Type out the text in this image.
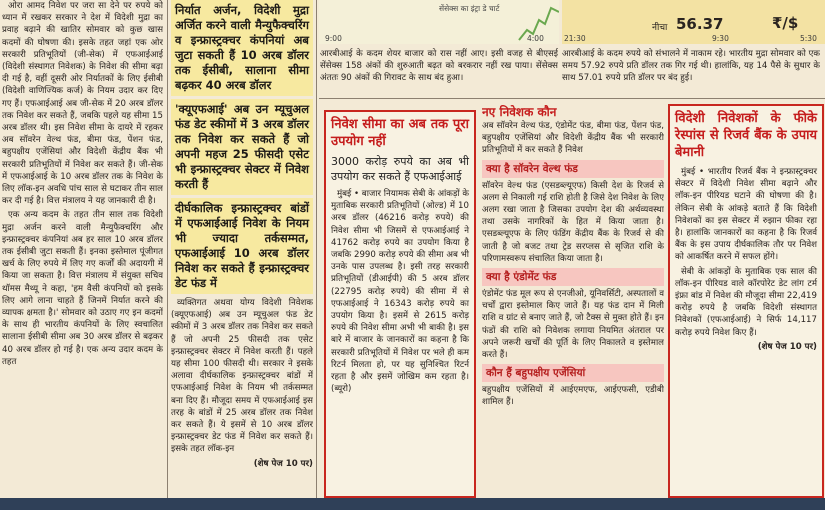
ओरा आमद निवेश पर जरा सा देने पर रुपये को ध्यान में रखकर सरकार ने देश में विदेशी मुद्रा का प्रवाह बढ़ाने की खातिर सोमवार को कुछ खास कदमों की घोषणा की। इसके तहत जहां एक ओर सरकारी प्रतिभूतियों (जी-सेक) में एफआईआई (विदेशी संस्थागत निवेशक) के निवेश की सीमा बढ़ा दी गई है, वहीं दूसरी ओर निर्यातकों के लिए ईसीबी (विदेशी वाणिज्यिक कर्ज) के नियम उदार कर दिए गए हैं। एफआईआई अब जी-सेक में 20 अरब डॉलर तक निवेश कर सकते हैं, जबकि पहले यह सीमा 15 अरब डॉलर थी। इस निवेश सीमा के दायरे में रहकर अब सॉवरेन वेल्थ फंड, बीमा फंड, पेंशन फंड, बहुपक्षीय एजेंसियां और विदेशी केंद्रीय बैंक भी सरकारी प्रतिभूतियों में निवेश कर सकते हैं। जी-सेक में एफआईआई के 10 अरब डॉलर तक के निवेश के लिए लॉक-इन अवधि पांच साल से घटाकर तीन साल कर दी गई है। वित्त मंत्रालय ने यह जानकारी दी है।

एक अन्य कदम के तहत तीन साल तक विदेशी मुद्रा अर्जन करने वाली मैन्युफैक्चरिंग और इन्फ्रास्ट्रक्चर कंपनियां अब हर साल 10 अरब डॉलर तक ईसीबी जुटा सकती हैं। इनका इस्तेमाल पूंजीगत खर्च के लिए रुपये में लिए गए कर्जों की अदायगी में किया जा सकता है। वित्त मंत्रालय में संयुक्त सचिव थॉमस मैथ्यू ने कहा, 'हम वैसी कंपनियों को इसके लिए आगे लाना चाहते हैं जिनमें निर्यात करने की व्यापक क्षमता है।' सोमवार को उठाए गए इन कदमों के साथ ही भारतीय कंपनियों के लिए स्वचालित सालाना ईसीबी सीमा अब 30 अरब डॉलर से बढ़कर 40 अरब डॉलर हो गई है। एक अन्य उदार कदम के तहत

निर्यात अर्जन, विदेशी मुद्रा अर्जित करने वाली मैन्युफैक्चरिंग व इन्फ्रास्ट्रक्चर कंपनियां अब जुटा सकती हैं 10 अरब डॉलर तक ईसीबी, सालाना सीमा बढ़कर 40 अरब डॉलर
'क्यूएफआई' अब उन म्यूचुअल फंड डेट स्कीमों में 3 अरब डॉलर तक निवेश कर सकते हैं जो अपनी महज 25 फीसदी एसेट भी इन्फ्रास्ट्रक्चर सेक्टर में निवेश करती हैं
दीर्घकालिक इन्फ्रास्ट्रक्चर बांडों में एफआईआई निवेश के नियम भी ज्यादा तर्कसम्मत, एफआईआई 10 अरब डॉलर निवेश कर सकते हैं इन्फ्रास्ट्रक्चर डेट फंड में

व्यक्तिगत अथवा योग्य विदेशी निवेशक (क्यूएफआई) अब उन म्यूचुअल फंड डेट स्कीमों में 3 अरब डॉलर तक निवेश कर सकते हैं जो अपनी 25 फीसदी तक एसेट इन्फ्रास्ट्रक्चर सेक्टर में निवेश करती हैं। पहले यह सीमा 100 फीसदी थी। सरकार ने इसके अलावा दीर्घकालिक इन्फ्रास्ट्रक्चर बांडों में एफआईआई निवेश के नियम भी तर्कसम्मत बना दिए हैं। मौजूदा समय में एफआईआई इस तरह के बांडों में 25 अरब डॉलर तक निवेश कर सकते हैं। ये इसमें से 10 अरब डॉलर इन्फ्रास्ट्रक्चर डेट फंड में निवेश कर सकते हैं। इसके तहत लॉक-इन

(शेष पेज 10 पर)
सेंसेक्स का इंट्रा डे चार्ट
9:00	4:00
नीचा 56.37	₹/$
21:30	9:30	5:30
आरबीआई के कदम शेयर बाजार को रास नहीं आए। इसी वजह से बीएसई सेंसेक्स 158 अंकों की शुरुआती बढ़त को बरकरार नहीं रख पाया। सेंसेक्स अंततः 90 अंकों की गिरावट के साथ बंद हुआ।
आरबीआई के कदम रुपये को संभालने में नाकाम रहे। भारतीय मुद्रा सोमवार को एक समय 57.92 रुपये प्रति डॉलर तक गिर गई थी। हालांकि, यह 14 पैसे के सुधार के साथ 57.01 रुपये प्रति डॉलर पर बंद हुई।
निवेश सीमा का अब तक पूरा उपयोग नहीं
3000 करोड़ रुपये का अब भी उपयोग कर सकते हैं एफआईआई

मुंबई • बाजार नियामक सेबी के आंकड़ों के मुताबिक सरकारी प्रतिभूतियों (ओल्ड) में 10 अरब डॉलर (46216 करोड़ रुपये) की निवेश सीमा भी जिसमें से एफआईआई ने 41762 करोड़ रुपये का उपयोग किया है जबकि 2990 करोड़ रुपये की सीमा अब भी उनके पास उपलब्ध है। इसी तरह सरकारी प्रतिभूतियों (डीआईपी) की 5 अरब डॉलर (22795 करोड़ रुपये) की सीमा में से एफआईआई ने 16343 करोड़ रुपये का उपयोग किया है। इसमें से 2615 करोड़ रुपये की निवेश सीमा अभी भी बाकी है। इस बारे में बाजार के जानकारों का कहना है कि सरकारी प्रतिभूतियों में निवेश पर भले ही कम रिटर्न मिलता हो, पर यह सुनिश्चित रिटर्न रहता है और इसमें जोखिम कम रहता है। (ब्यूरो)

नए निवेशक कौन

अब सॉवरेन वेल्थ फंड, एंडोमेंट फंड, बीमा फंड, पेंशन फंड, बहुपक्षीय एजेंसियां और विदेशी केंद्रीय बैंक भी सरकारी प्रतिभूतियों में कर सकते हैं निवेश

क्या है सॉवरेन वेल्थ फंड

सॉवरेन वेल्थ फंड (एसडब्ल्यूएफ) किसी देश के रिजर्व से अलग से निकाली गई राशि होती है जिसे देश निवेश के लिए अलग रखा जाता है जिसका उपयोग देश की अर्थव्यवस्था तथा उसके नागरिकों के हित में किया जाता है। एसडब्ल्यूएफ के लिए फंडिंग केंद्रीय बैंक के रिजर्व से की जाती है जो बजट तथा ट्रेड सरप्लस से सृजित राशि के परिणामस्वरूप संचालित किया जाता है।

क्या है एंडोमेंट फंड

एंडोमेंट फंड मूल रूप से एनजीओ, यूनिवर्सिटी, अस्पतालों व चर्चों द्वारा इस्तेमाल किए जाते हैं। यह फंड दान में मिली राशि व ग्रांट से बनाए जाते हैं, जो टैक्स से मुक्त होते हैं। इन फंडों की राशि को निवेशक लगाया नियमित अंतराल पर अपने जरूरी खर्चों की पूर्ति के लिए निकालते व इस्तेमाल करते हैं।

कौन हैं बहुपक्षीय एजेंसियां

बहुपक्षीय एजेंसियों में आईएमएफ, आईएफसी, एडीबी शामिल हैं।

विदेशी निवेशकों के फीके रेस्पांस से रिजर्व बैंक के उपाय बेमानी

मुंबई • भारतीय रिजर्व बैंक ने इन्फ्रास्ट्रक्चर सेक्टर में विदेशी निवेश सीमा बढ़ाने और लॉक-इन पीरियड घटाने की घोषणा की है। लेकिन सेबी के आंकड़े बताते हैं कि विदेशी निवेशकों का इस सेक्टर में रुझान फीका रहा है। हालांकि जानकारों का कहना है कि रिजर्व बैंक के इस उपाय दीर्घकालिक तौर पर निवेश को आकर्षित करने में सफल होंगे।

सेबी के आंकड़ों के मुताबिक एक साल की लॉक-इन पीरियड वाले कॉरपोरेट डेट लांग टर्म इंफ्रा बांड में निवेश की मौजूदा सीमा 22,419 करोड़ रुपये है जबकि विदेशी संस्थागत निवेशकों (एफआईआई) ने सिर्फ 14,117 करोड़ रुपये निवेश किए हैं।

(शेष पेज 10 पर)
